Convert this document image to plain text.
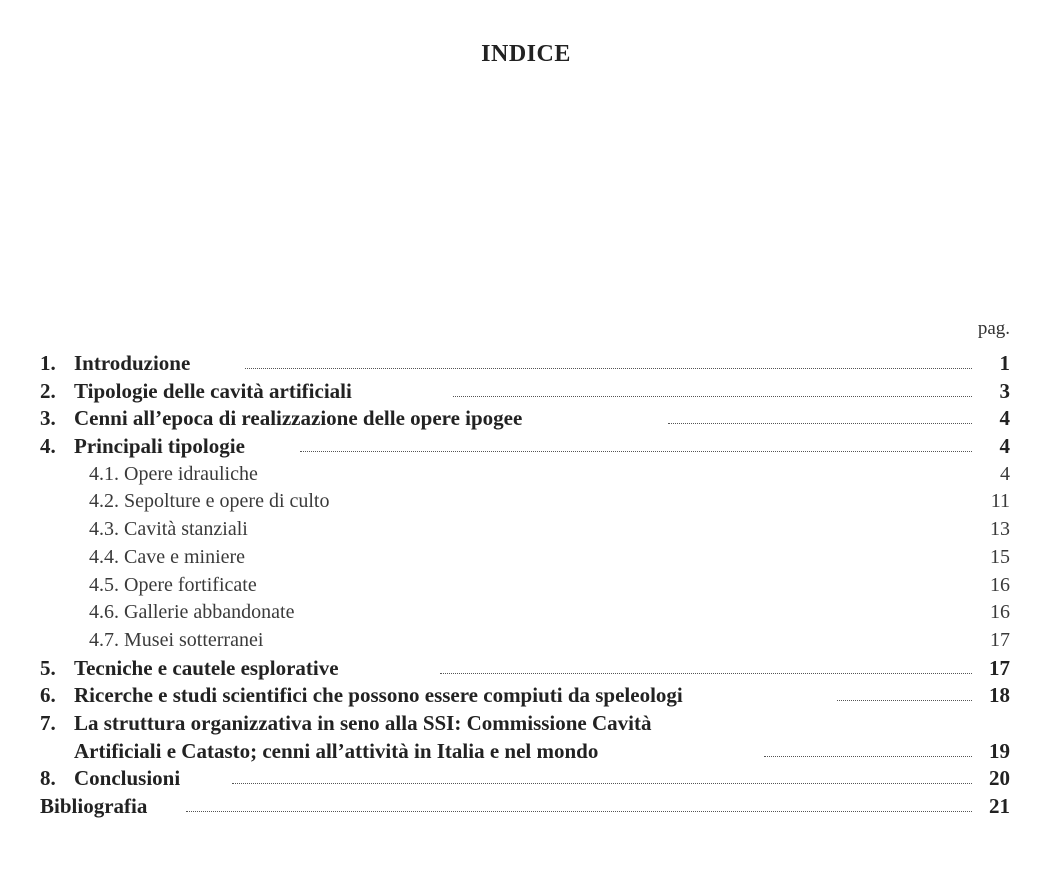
INDICE
pag.
1. Introduzione	1
2. Tipologie delle cavità artificiali	3
3. Cenni all’epoca di realizzazione delle opere ipogee	4
4. Principali tipologie	4
4.1. Opere idrauliche	4
4.2. Sepolture e opere di culto	11
4.3. Cavità stanziali	13
4.4. Cave e miniere	15
4.5. Opere fortificate	16
4.6. Gallerie abbandonate	16
4.7. Musei sotterranei	17
5. Tecniche e cautele esplorative	17
6. Ricerche e studi scientifici che possono essere compiuti da speleologi	18
7. La struttura organizzativa in seno alla SSI: Commissione Cavità
Artificiali e Catasto; cenni all’attività in Italia e nel mondo	19
8. Conclusioni	20
Bibliografia	21
